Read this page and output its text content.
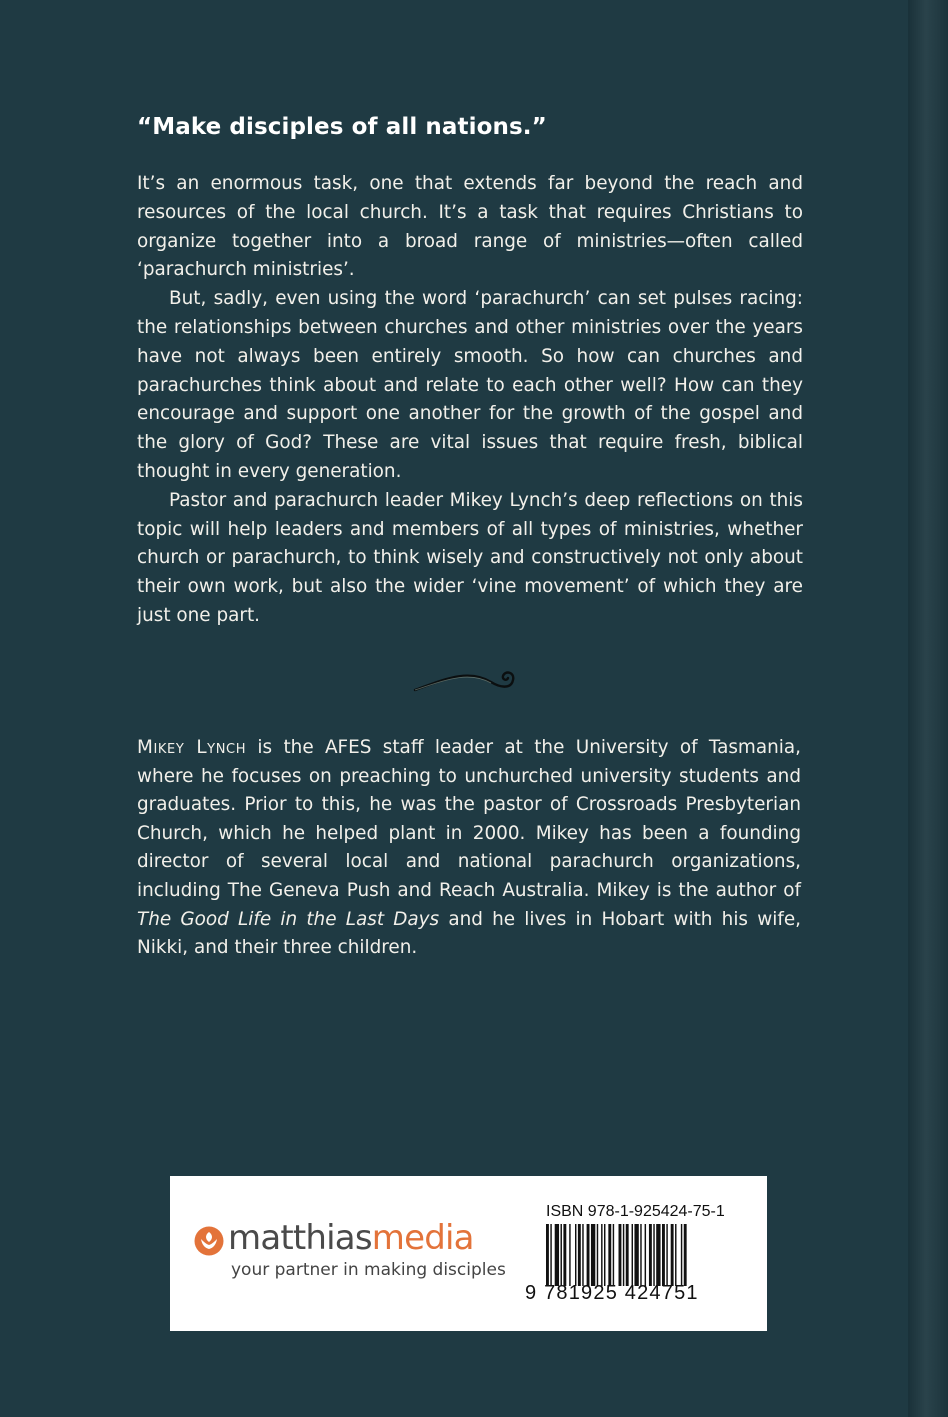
“Make disciples of all nations.”

It’s an enormous task, one that extends far beyond the reach and resources of the local church. It’s a task that requires Christians to organize together into a broad range of ministries—often called ‘parachurch ministries’.

But, sadly, even using the word ‘parachurch’ can set pulses racing: the relationships between churches and other ministries over the years have not always been entirely smooth. So how can churches and parachurches think about and relate to each other well? How can they encourage and support one another for the growth of the gospel and the glory of God? These are vital issues that require fresh, biblical thought in every generation.

Pastor and parachurch leader Mikey Lynch’s deep reflections on this topic will help leaders and members of all types of ministries, whether church or parachurch, to think wisely and constructively not only about their own work, but also the wider ‘vine movement’ of which they are just one part.

Mikey Lynch is the AFES staff leader at the University of Tasmania, where he focuses on preaching to unchurched university students and graduates. Prior to this, he was the pastor of Crossroads Presbyterian Church, which he helped plant in 2000. Mikey has been a founding director of several local and national parachurch organizations, including The Geneva Push and Reach Australia. Mikey is the author of The Good Life in the Last Days and he lives in Hobart with his wife, Nikki, and their three children.

matthiasmedia
your partner in making disciples
ISBN 978-1-925424-75-1
9 781925 424751
